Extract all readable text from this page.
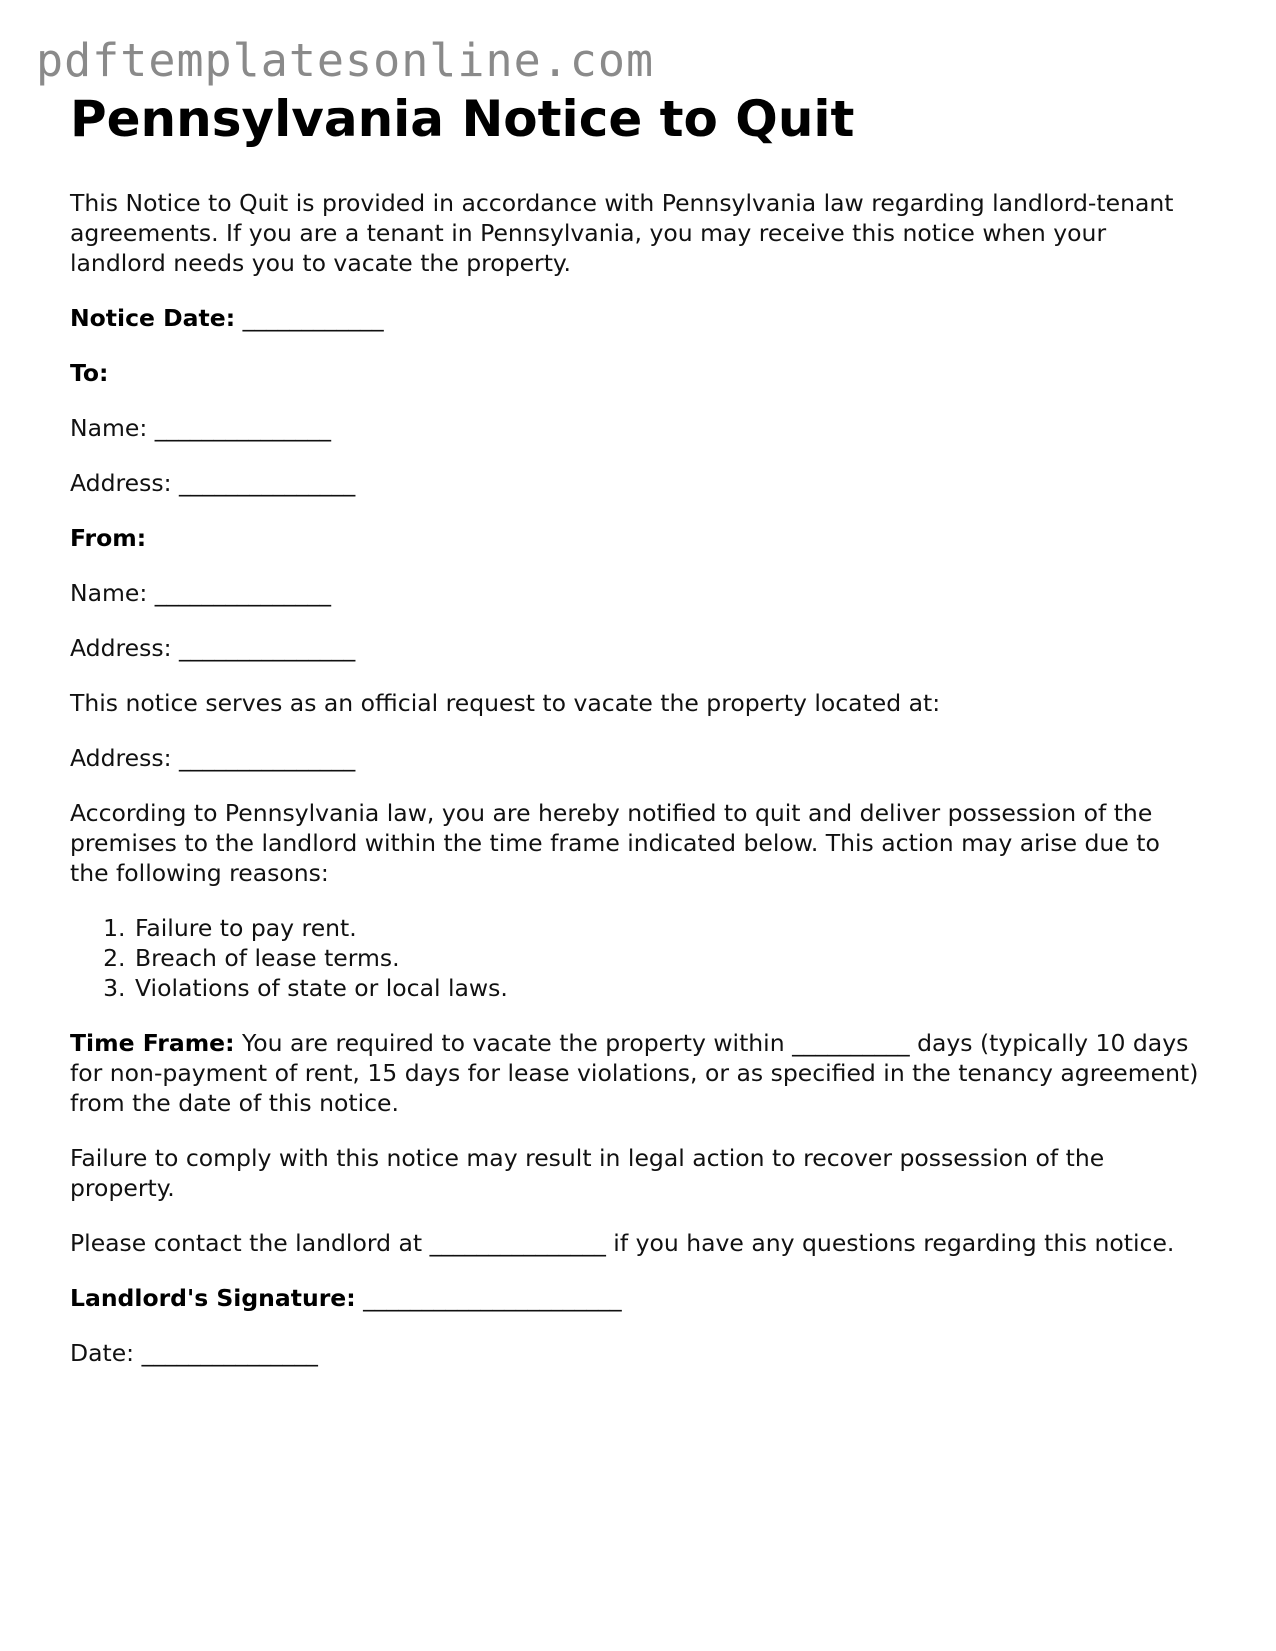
pdftemplatesonline.com
Pennsylvania Notice to Quit

This Notice to Quit is provided in accordance with Pennsylvania law regarding landlord-tenant agreements. If you are a tenant in Pennsylvania, you may receive this notice when your landlord needs you to vacate the property.

Notice Date: ____________

To:

Name: _______________

Address: _______________

From:

Name: _______________

Address: _______________

This notice serves as an official request to vacate the property located at:

Address: _______________

According to Pennsylvania law, you are hereby notified to quit and deliver possession of the premises to the landlord within the time frame indicated below. This action may arise due to the following reasons:

1. Failure to pay rent.
2. Breach of lease terms.
3. Violations of state or local laws.

Time Frame: You are required to vacate the property within __________ days (typically 10 days for non-payment of rent, 15 days for lease violations, or as specified in the tenancy agreement) from the date of this notice.

Failure to comply with this notice may result in legal action to recover possession of the property.

Please contact the landlord at _______________ if you have any questions regarding this notice.

Landlord's Signature: ______________________

Date: _______________
